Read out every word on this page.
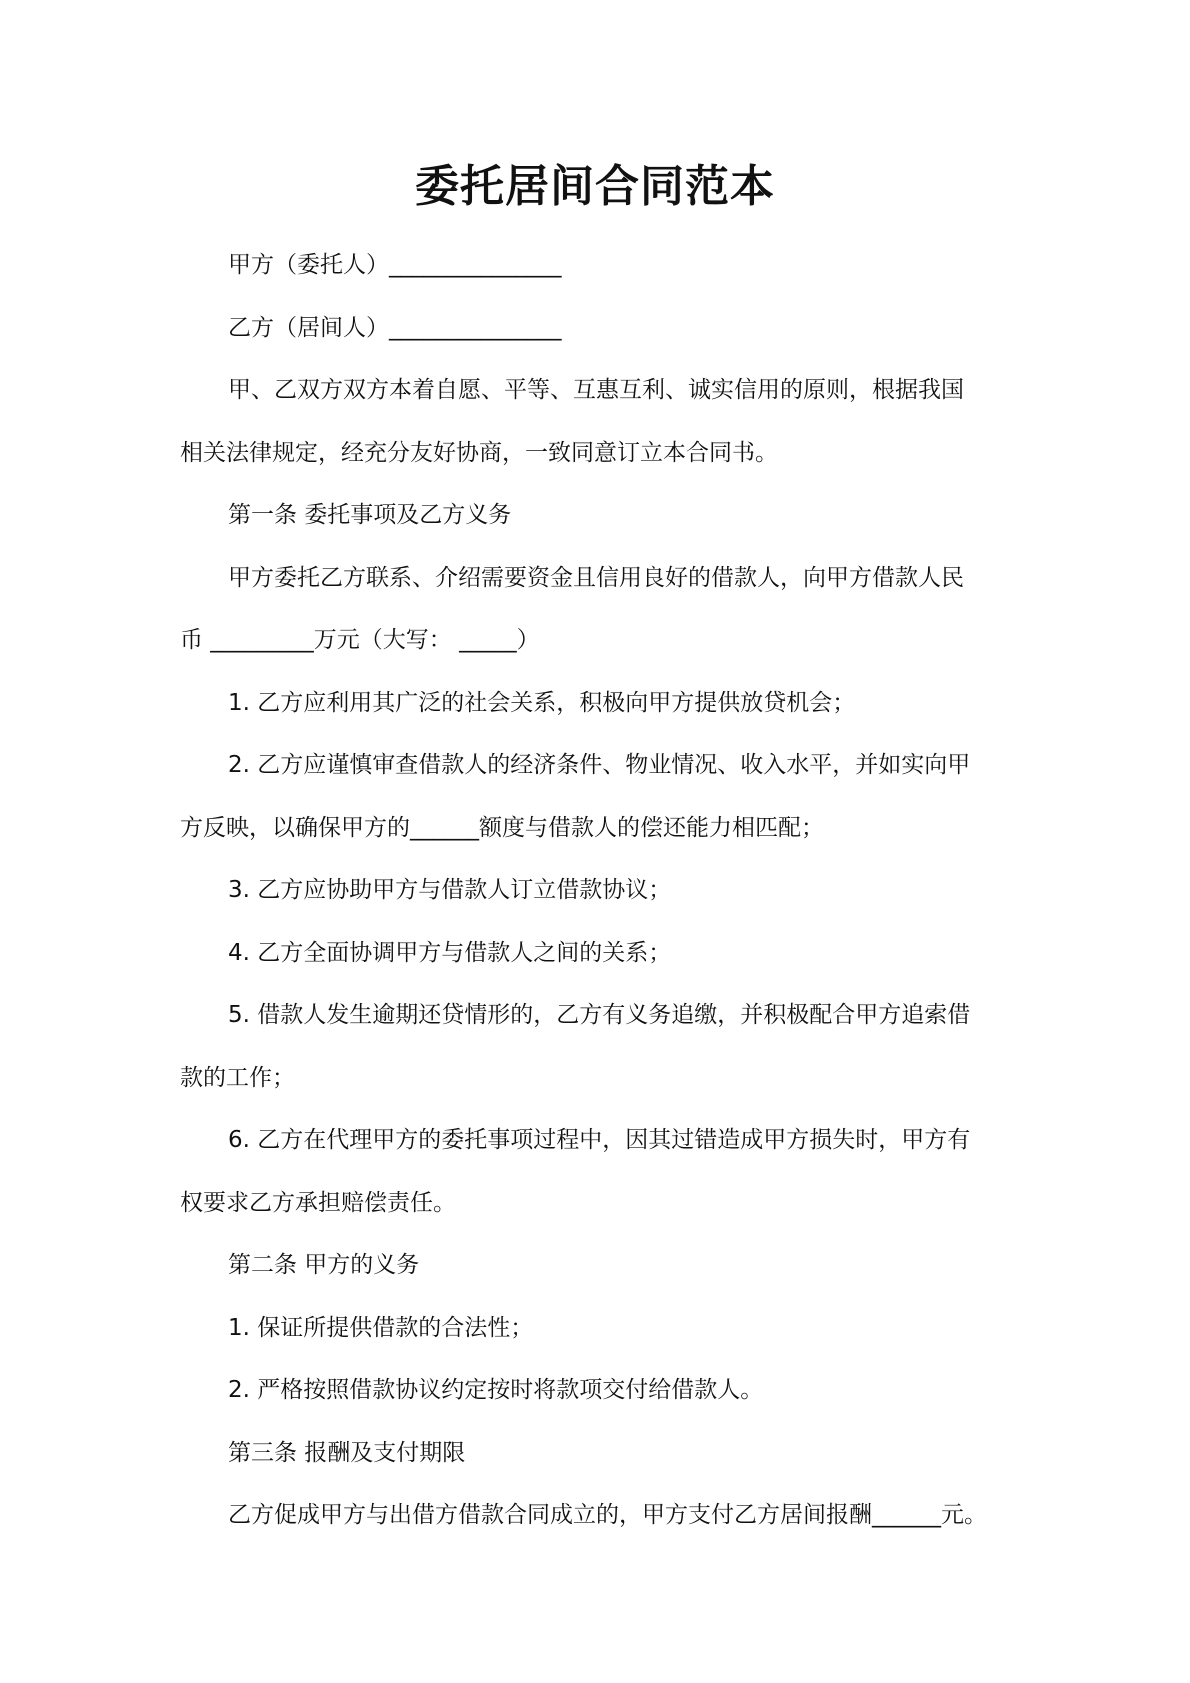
委托居间合同范本

甲方（委托人）_______________

乙方（居间人）_______________

甲、乙双方双方本着自愿、平等、互惠互利、诚实信用的原则，根据我国

相关法律规定，经充分友好协商，一致同意订立本合同书。

第一条 委托事项及乙方义务

甲方委托乙方联系、介绍需要资金且信用良好的借款人，向甲方借款人民

币 _________万元（大写： _____）

1. 乙方应利用其广泛的社会关系，积极向甲方提供放贷机会；

2. 乙方应谨慎审查借款人的经济条件、物业情况、收入水平，并如实向甲

方反映，以确保甲方的______额度与借款人的偿还能力相匹配；

3. 乙方应协助甲方与借款人订立借款协议；

4. 乙方全面协调甲方与借款人之间的关系；

5. 借款人发生逾期还贷情形的，乙方有义务追缴，并积极配合甲方追索借

款的工作；

6. 乙方在代理甲方的委托事项过程中，因其过错造成甲方损失时，甲方有

权要求乙方承担赔偿责任。

第二条 甲方的义务

1. 保证所提供借款的合法性；

2. 严格按照借款协议约定按时将款项交付给借款人。

第三条 报酬及支付期限

乙方促成甲方与出借方借款合同成立的，甲方支付乙方居间报酬______元。
